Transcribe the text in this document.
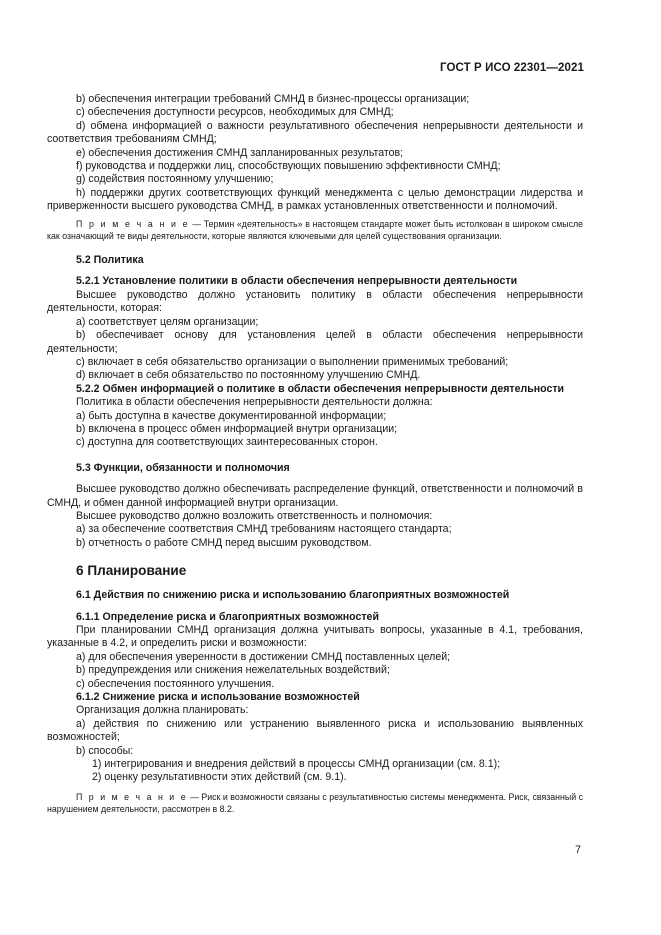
ГОСТ Р ИСО 22301—2021
b) обеспечения интеграции требований СМНД в бизнес-процессы организации;
c) обеспечения доступности ресурсов, необходимых для СМНД;
d) обмена информацией о важности результативного обеспечения непрерывности деятельности и соответствия требованиям СМНД;
e) обеспечения достижения СМНД запланированных результатов;
f) руководства и поддержки лиц, способствующих повышению эффективности СМНД;
g) содействия постоянному улучшению;
h) поддержки других соответствующих функций менеджмента с целью демонстрации лидерства и приверженности высшего руководства СМНД, в рамках установленных ответственности и полномочий.
П р и м е ч а н и е — Термин «деятельность» в настоящем стандарте может быть истолкован в широком смысле как означающий те виды деятельности, которые являются ключевыми для целей существования организации.
5.2 Политика
5.2.1 Установление политики в области обеспечения непрерывности деятельности
Высшее руководство должно установить политику в области обеспечения непрерывности деятельности, которая:
a) соответствует целям организации;
b) обеспечивает основу для установления целей в области обеспечения непрерывности деятельности;
c) включает в себя обязательство организации о выполнении применимых требований;
d) включает в себя обязательство по постоянному улучшению СМНД.
5.2.2 Обмен информацией о политике в области обеспечения непрерывности деятельности
Политика в области обеспечения непрерывности деятельности должна:
a) быть доступна в качестве документированной информации;
b) включена в процесс обмен информацией внутри организации;
c) доступна для соответствующих заинтересованных сторон.
5.3 Функции, обязанности и полномочия
Высшее руководство должно обеспечивать распределение функций, ответственности и полномочий в СМНД, и обмен данной информацией внутри организации.
Высшее руководство должно возложить ответственность и полномочия:
a) за обеспечение соответствия СМНД требованиям настоящего стандарта;
b) отчетность о работе СМНД перед высшим руководством.
6 Планирование
6.1 Действия по снижению риска и использованию благоприятных возможностей
6.1.1 Определение риска и благоприятных возможностей
При планировании СМНД организация должна учитывать вопросы, указанные в 4.1, требования, указанные в 4.2, и определить риски и возможности:
a) для обеспечения уверенности в достижении СМНД поставленных целей;
b) предупреждения или снижения нежелательных воздействий;
c) обеспечения постоянного улучшения.
6.1.2 Снижение риска и использование возможностей
Организация должна планировать:
a) действия по снижению или устранению выявленного риска и использованию выявленных возможностей;
b) способы:
1) интегрирования и внедрения действий в процессы СМНД организации (см. 8.1);
2) оценку результативности этих действий (см. 9.1).
П р и м е ч а н и е — Риск и возможности связаны с результативностью системы менеджмента. Риск, связанный с нарушением деятельности, рассмотрен в 8.2.
7
